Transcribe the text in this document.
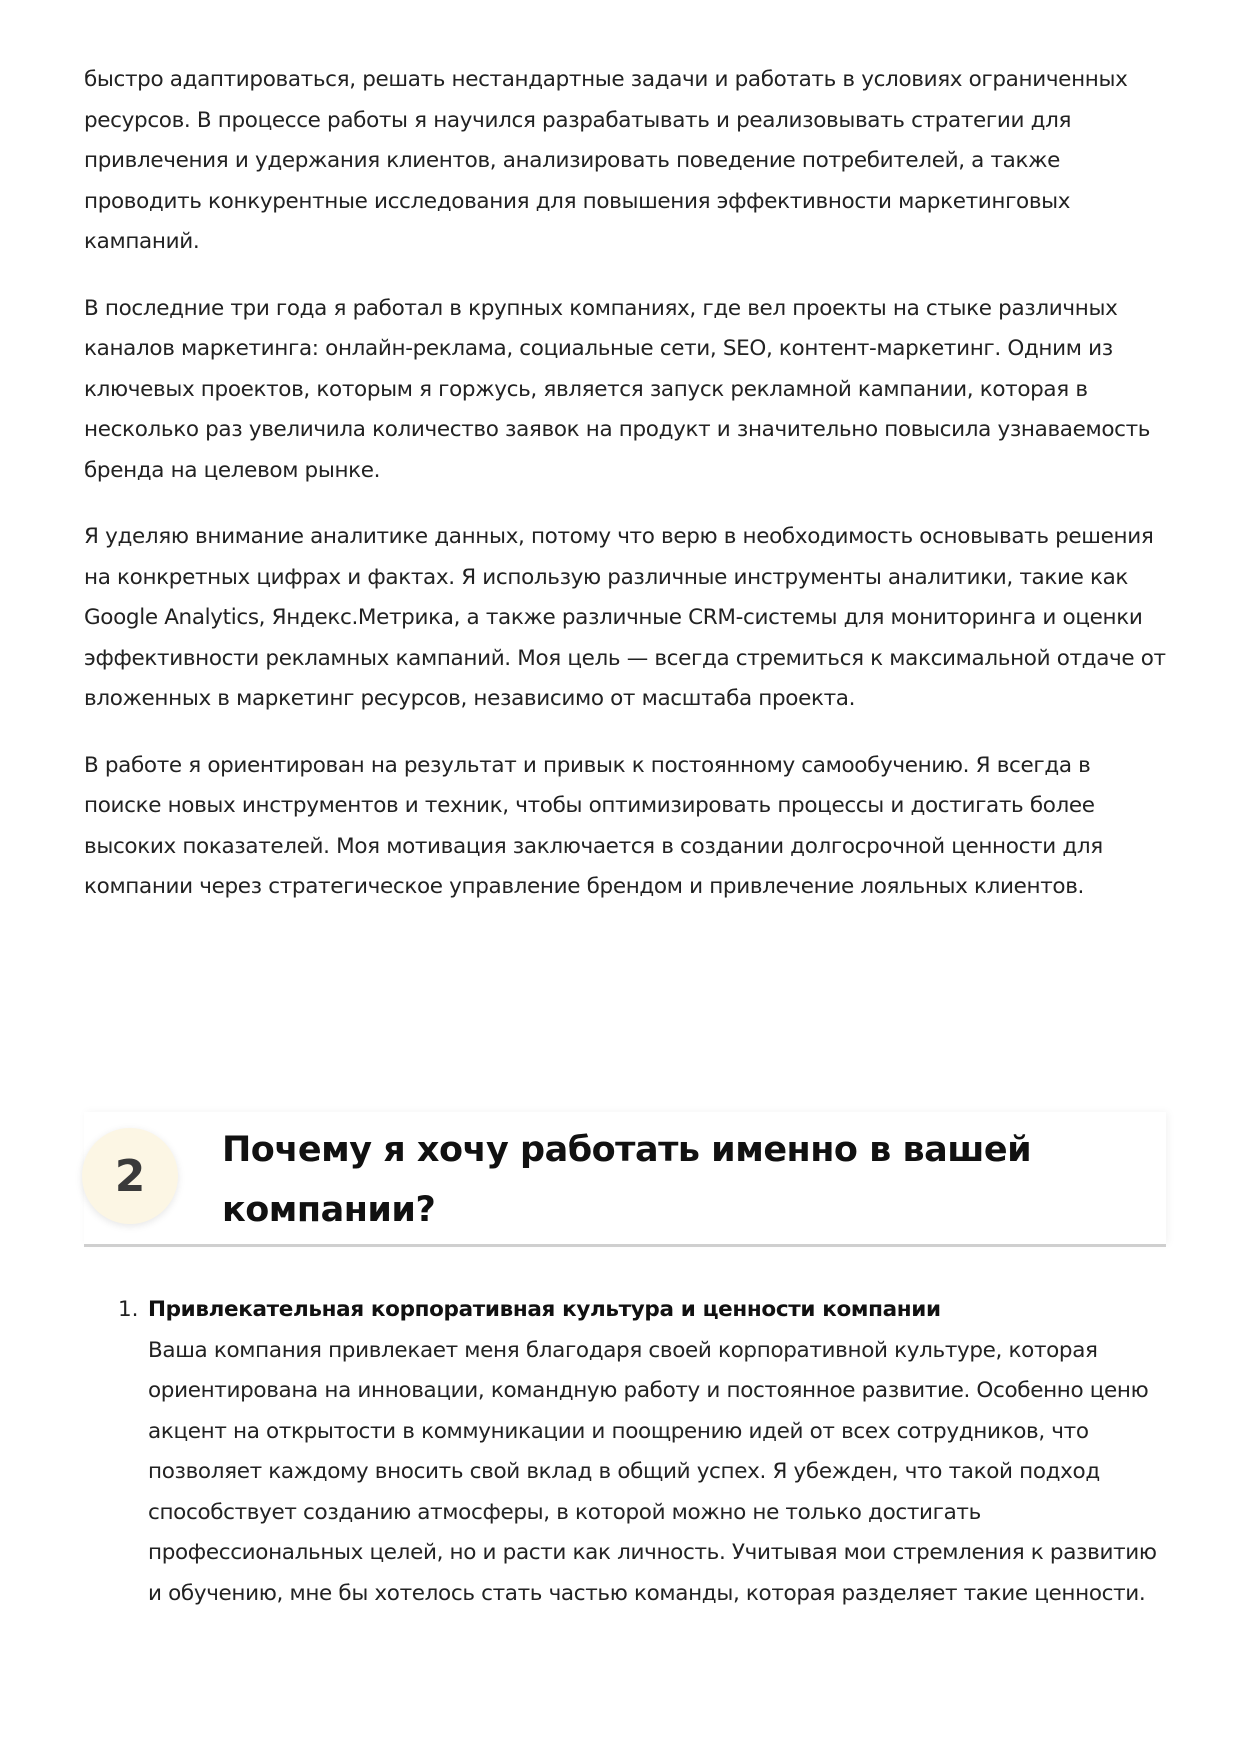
быстро адаптироваться, решать нестандартные задачи и работать в условиях ограниченных ресурсов. В процессе работы я научился разрабатывать и реализовывать стратегии для привлечения и удержания клиентов, анализировать поведение потребителей, а также проводить конкурентные исследования для повышения эффективности маркетинговых кампаний.

В последние три года я работал в крупных компаниях, где вел проекты на стыке различных каналов маркетинга: онлайн-реклама, социальные сети, SEO, контент-маркетинг. Одним из ключевых проектов, которым я горжусь, является запуск рекламной кампании, которая в несколько раз увеличила количество заявок на продукт и значительно повысила узнаваемость бренда на целевом рынке.

Я уделяю внимание аналитике данных, потому что верю в необходимость основывать решения на конкретных цифрах и фактах. Я использую различные инструменты аналитики, такие как Google Analytics, Яндекс.Метрика, а также различные CRM-системы для мониторинга и оценки эффективности рекламных кампаний. Моя цель — всегда стремиться к максимальной отдаче от вложенных в маркетинг ресурсов, независимо от масштаба проекта.

В работе я ориентирован на результат и привык к постоянному самообучению. Я всегда в поиске новых инструментов и техник, чтобы оптимизировать процессы и достигать более высоких показателей. Моя мотивация заключается в создании долгосрочной ценности для компании через стратегическое управление брендом и привлечение лояльных клиентов.

2
Почему я хочу работать именно в вашей компании?
1. Привлекательная корпоративная культура и ценности компании

Ваша компания привлекает меня благодаря своей корпоративной культуре, которая ориентирована на инновации, командную работу и постоянное развитие. Особенно ценю акцент на открытости в коммуникации и поощрению идей от всех сотрудников, что позволяет каждому вносить свой вклад в общий успех. Я убежден, что такой подход способствует созданию атмосферы, в которой можно не только достигать профессиональных целей, но и расти как личность. Учитывая мои стремления к развитию и обучению, мне бы хотелось стать частью команды, которая разделяет такие ценности.
